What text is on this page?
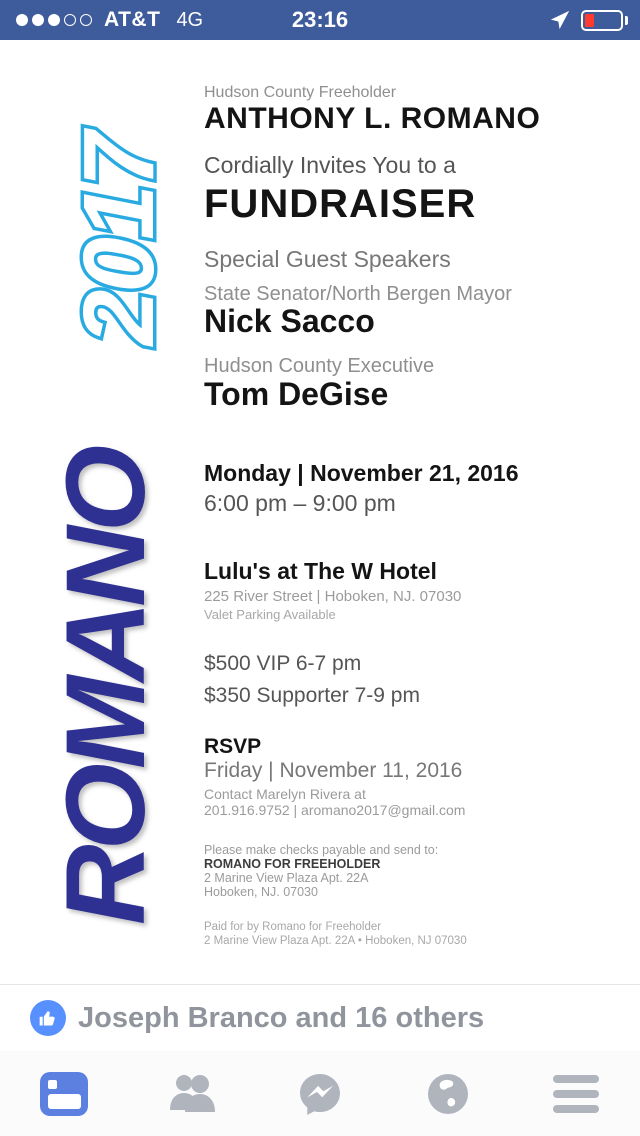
AT&T 4G	23:16
2017
ROMANO
Hudson County Freeholder
ANTHONY L. ROMANO
Cordially Invites You to a
FUNDRAISER
Special Guest Speakers
State Senator/North Bergen Mayor
Nick Sacco
Hudson County Executive
Tom DeGise
Monday | November 21, 2016
6:00 pm – 9:00 pm
Lulu's at The W Hotel
225 River Street | Hoboken, NJ. 07030
Valet Parking Available
$500 VIP 6-7 pm
$350 Supporter 7-9 pm
RSVP
Friday | November 11, 2016
Contact Marelyn Rivera at
201.916.9752 | aromano2017@gmail.com
Please make checks payable and send to:
ROMANO FOR FREEHOLDER
2 Marine View Plaza Apt. 22A
Hoboken, NJ. 07030
Paid for by Romano for Freeholder
2 Marine View Plaza Apt. 22A • Hoboken, NJ 07030
Joseph Branco and 16 others
